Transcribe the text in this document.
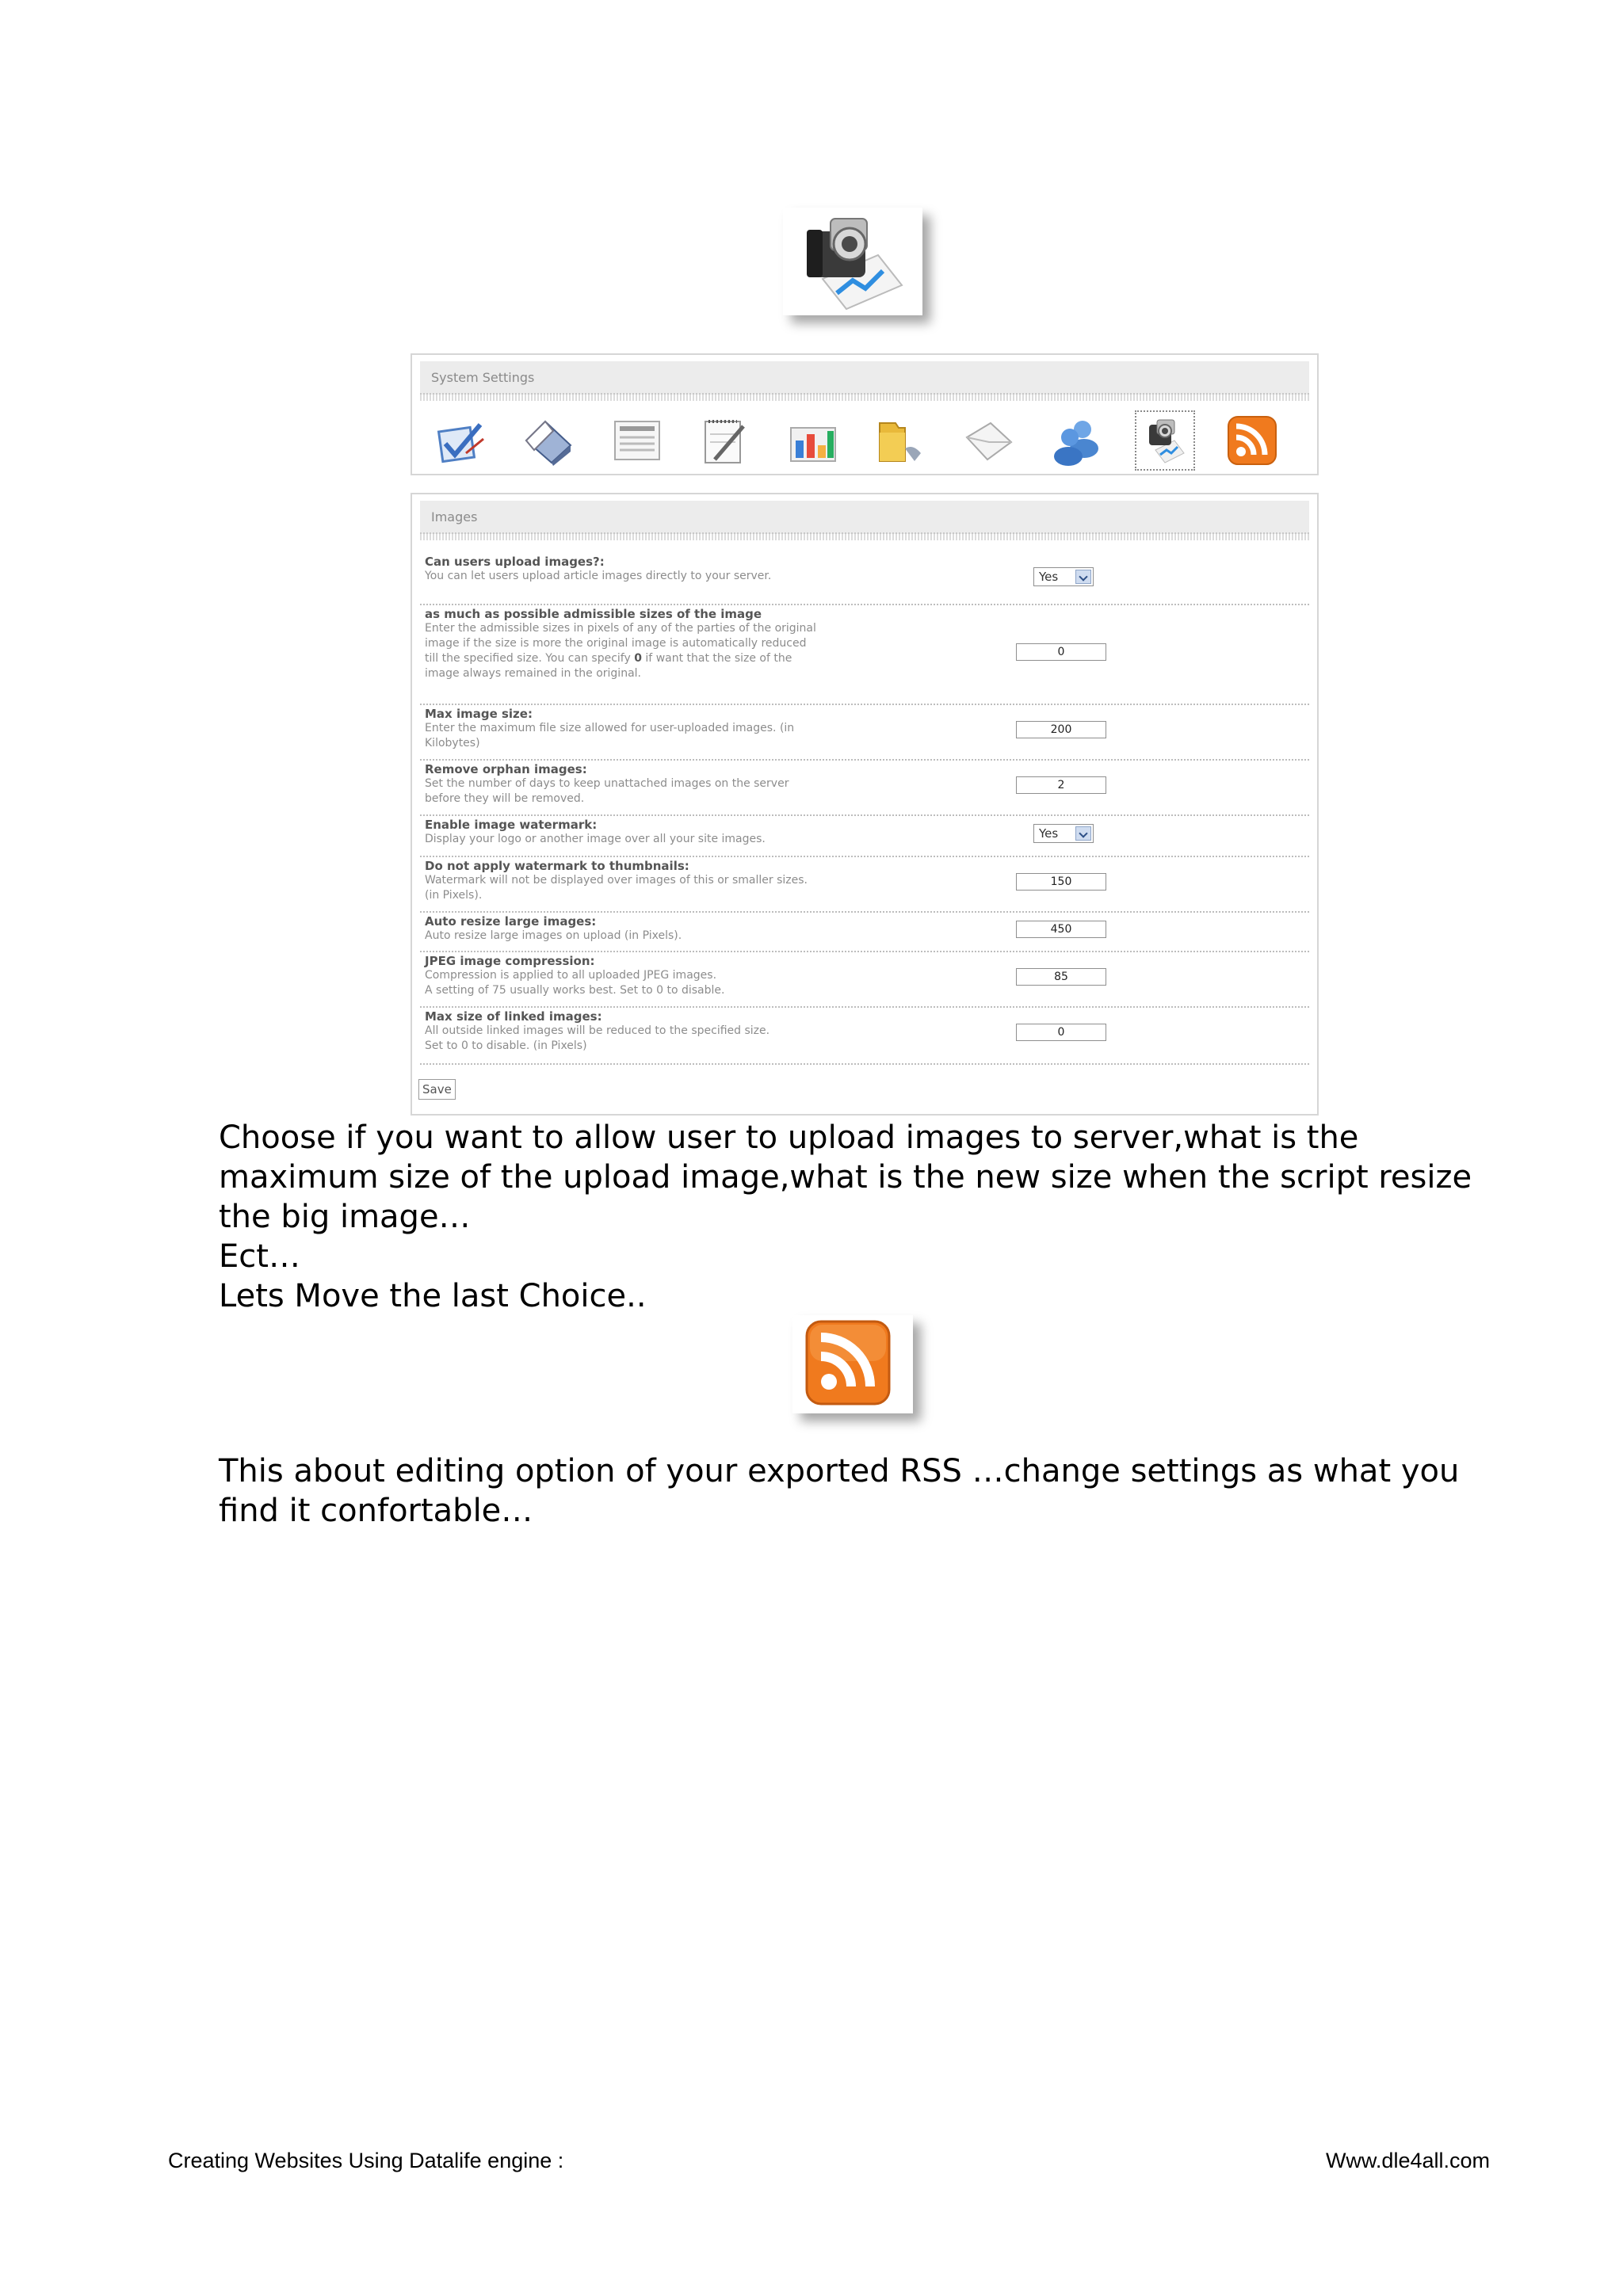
System Settings
Images
Can users upload images?:
You can let users upload article images directly to your server.	Yes
as much as possible admissible sizes of the image
Enter the admissible sizes in pixels of any of the parties of the original image if the size is more the original image is automatically reduced till the specified size. You can specify 0 if want that the size of the image always remained in the original.
0
Max image size:
Enter the maximum file size allowed for user-uploaded images. (in Kilobytes)
200
Remove orphan images:
Set the number of days to keep unattached images on the server before they will be removed.
2
Enable image watermark:
Display your logo or another image over all your site images.	Yes
Do not apply watermark to thumbnails:
Watermark will not be displayed over images of this or smaller sizes. (in Pixels).
150
Auto resize large images:
Auto resize large images on upload (in Pixels).
450
JPEG image compression:
Compression is applied to all uploaded JPEG images.
A setting of 75 usually works best. Set to 0 to disable.
85
Max size of linked images:
All outside linked images will be reduced to the specified size.
Set to 0 to disable. (in Pixels)
0
Save
Choose if you want to allow user to upload images to server,what is the maximum size of the upload image,what is the new size when the script resize the big image…
Ect…
Lets Move the last Choice..
This about editing option of your exported RSS …change settings as what you find it confortable…
Creating Websites Using Datalife engine :	Www.dle4all.com
